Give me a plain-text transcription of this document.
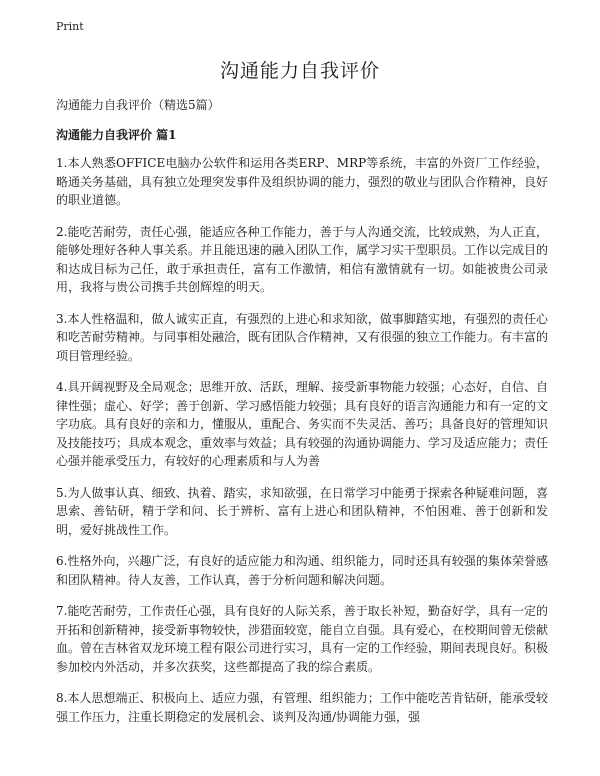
Print
沟通能力自我评价

沟通能力自我评价（精选5篇）

沟通能力自我评价 篇1

1.本人熟悉OFFICE电脑办公软件和运用各类ERP、MRP等系统，丰富的外资厂工作经验，略通关务基础，具有独立处理突发事件及组织协调的能力，强烈的敬业与团队合作精神，良好的职业道德。

2.能吃苦耐劳，责任心强，能适应各种工作能力，善于与人沟通交流，比较成熟，为人正直，能够处理好各种人事关系。并且能迅速的融入团队工作，属学习实干型职员。工作以完成目的和达成目标为己任，敢于承担责任，富有工作激情，相信有激情就有一切。如能被贵公司录用，我将与贵公司携手共创辉煌的明天。

3.本人性格温和，做人诚实正直，有强烈的上进心和求知欲，做事脚踏实地，有强烈的责任心和吃苦耐劳精神。与同事相处融洽，既有团队合作精神，又有很强的独立工作能力。有丰富的项目管理经验。

4.具开阔视野及全局观念；思维开放、活跃，理解、接受新事物能力较强；心态好，自信、自律性强；虚心、好学；善于创新、学习感悟能力较强；具有良好的语言沟通能力和有一定的文字功底。具有良好的亲和力，懂服从，重配合、务实而不失灵活、善巧；具备良好的管理知识及技能技巧；具成本观念，重效率与效益；具有较强的沟通协调能力、学习及适应能力；责任心强并能承受压力，有较好的心理素质和与人为善

5.为人做事认真、细致、执着、踏实，求知欲强，在日常学习中能勇于探索各种疑难问题，喜思索、善钻研，精于学和问、长于辨析、富有上进心和团队精神，不怕困难、善于创新和发明，爱好挑战性工作。

6.性格外向，兴趣广泛，有良好的适应能力和沟通、组织能力，同时还具有较强的集体荣誉感和团队精神。待人友善，工作认真，善于分析问题和解决问题。

7.能吃苦耐劳，工作责任心强，具有良好的人际关系，善于取长补短，勤奋好学，具有一定的开拓和创新精神，接受新事物较快，涉猎面较宽，能自立自强。具有爱心，在校期间曾无偿献血。曾在吉林省双龙环境工程有限公司进行实习，具有一定的工作经验，期间表现良好。积极参加校内外活动，并多次获奖，这些都提高了我的综合素质。

8.本人思想端正、积极向上、适应力强，有管理、组织能力；工作中能吃苦肯钻研，能承受较强工作压力，注重长期稳定的发展机会、谈判及沟通/协调能力强，强
